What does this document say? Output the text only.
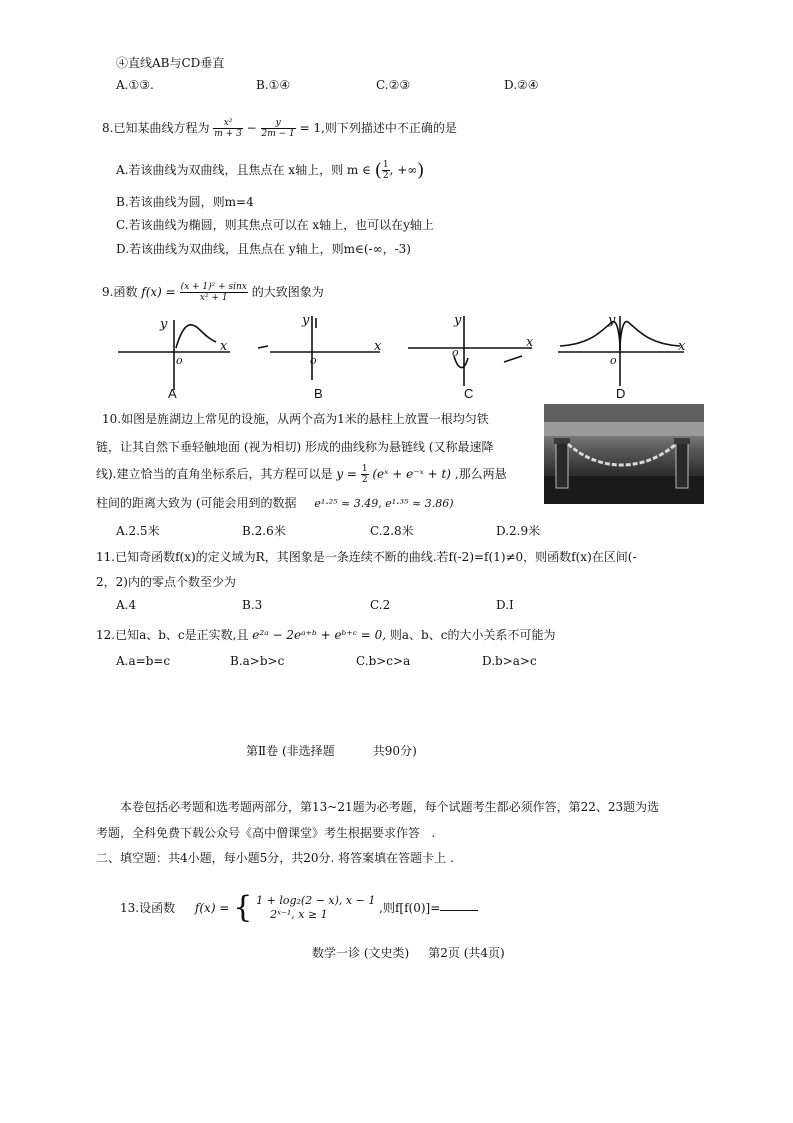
④直线AB与CD垂直
A.①③.	B.①④	C.②③	D.②④
8.已知某曲线方程为 $\frac{\text{x²}}{m + 3} - \frac{y}{2m - 1} = 1$,则下列描述中不正确的是
A.若该曲线为双曲线，且焦点在 x轴上，则 m ∈ ( $\frac{1}{2}$ , +∞)
B.若该曲线为圆，则m=4
C.若该曲线为椭圆，则其焦点可以在 x轴上，也可以在y轴上
D.若该曲线为双曲线，且焦点在 y轴上，则m∈(-∞，-3)
9.函数 $f(x) = \frac{\text{(x + 1)² + sinx}}{\text{x² + 1}}$ 的大致图象为
y
x
o
y
x
o
y
x
o
y
x
o
A	B	C	D
10.如图是旌湖边上常见的设施，从两个高为1米的悬柱上放置一根均匀铁
链，让其自然下垂轻触地面 (视为相切) 形成的曲线称为悬链线 (又称最速降
线).建立恰当的直角坐标系后，其方程可以是 $y = \frac{1}{2}$ (eˣ + e⁻ˣ + t) ,那么两悬
柱间的距离大致为 (可能会用到的数据 e¹·²⁵ ≈ 3.49, e¹·³⁵ ≈ 3.86)
A.2.5米	B.2.6米	C.2.8米	D.2.9米
11.已知奇函数f(x)的定义域为R，其图象是一条连续不断的曲线.若f(-2)=f(1)≠0，则函数f(x)在区间(-
2，2)内的零点个数至少为
A.4	B.3	C.2	D.I
12.已知a、b、c是正实数,且 e²ᵃ − 2eᵃ⁺ᵇ + eᵇ⁺ᶜ = 0, 则a、b、c的大小关系不可能为
A.a=b=c	B.a>b>c	C.b>c>a	D.b>a>c
第Ⅱ卷 (非选择题          共90分)
本卷包括必考题和选考题两部分，第13~21题为必考题，每个试题考生都必须作答，第22、23题为选
考题，全科免费下载公众号《高中僧课堂》考生根据要求作答   .
二、填空题：共4小题，每小题5分，共20分. 将答案填在答题卡上 .
13.设函数 f(x) = { 1 + log₂(2 − x), x − 1
2ˣ⁻¹, x ≥ 1	,则f[f(0)]=
数学一诊 (文史类)     第2页 (共4页)
